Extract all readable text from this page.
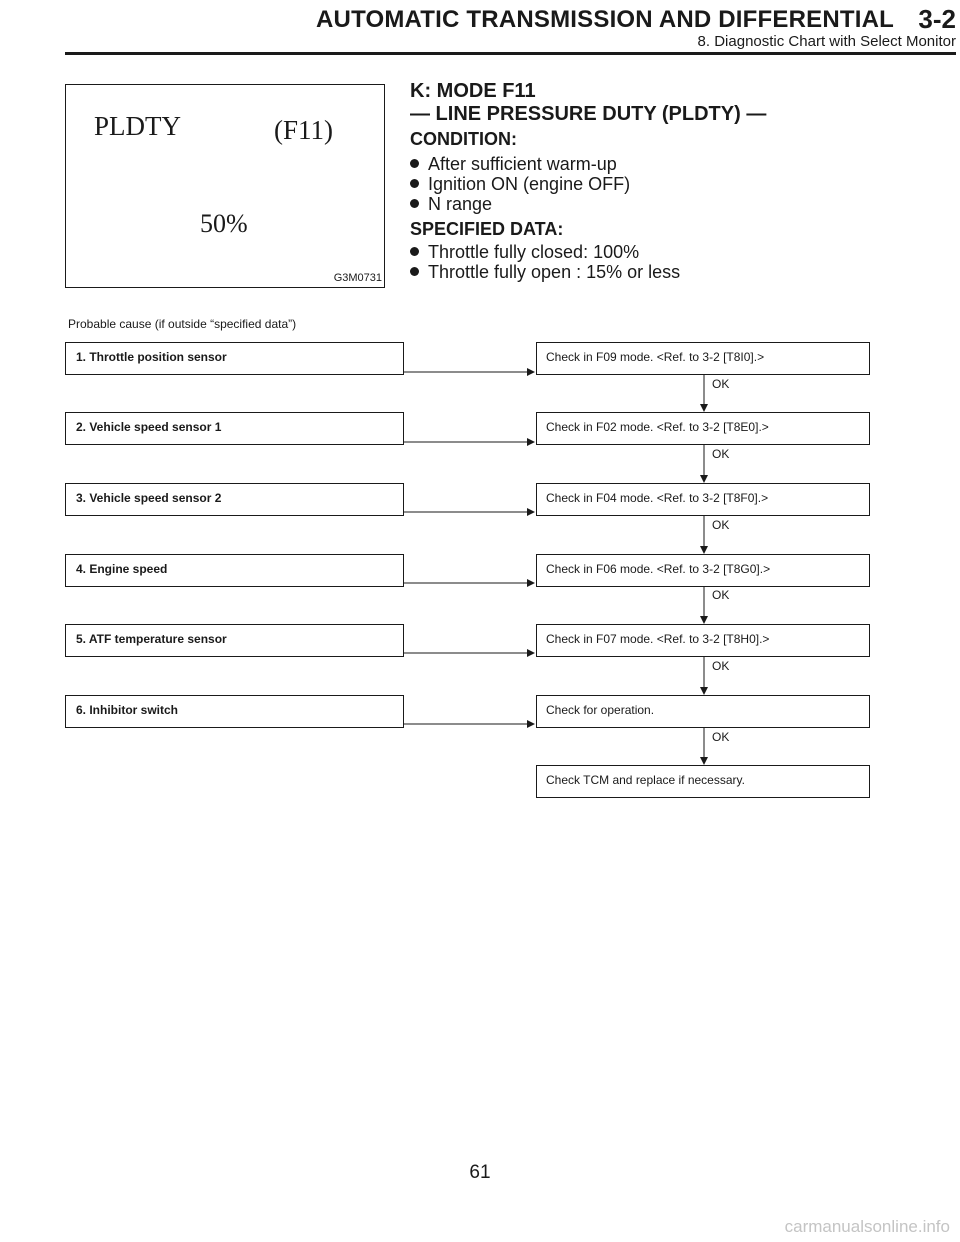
AUTOMATIC TRANSMISSION AND DIFFERENTIAL 3-2
8. Diagnostic Chart with Select Monitor
PLDTY	(F11)
50%
G3M0731
K: MODE F11
— LINE PRESSURE DUTY (PLDTY) —
CONDITION:
After sufficient warm-up
Ignition ON (engine OFF)
N range
SPECIFIED DATA:
Throttle fully closed: 100%
Throttle fully open : 15% or less
Probable cause (if outside “specified data”)
1. Throttle position sensor	Check in F09 mode. <Ref. to 3-2 [T8I0].>
OK
2. Vehicle speed sensor 1	Check in F02 mode. <Ref. to 3-2 [T8E0].>
OK
3. Vehicle speed sensor 2	Check in F04 mode. <Ref. to 3-2 [T8F0].>
OK
4. Engine speed	Check in F06 mode. <Ref. to 3-2 [T8G0].>
OK
5. ATF temperature sensor	Check in F07 mode. <Ref. to 3-2 [T8H0].>
OK
6. Inhibitor switch	Check for operation.
OK
Check TCM and replace if necessary.
61
carmanualsonline.info
